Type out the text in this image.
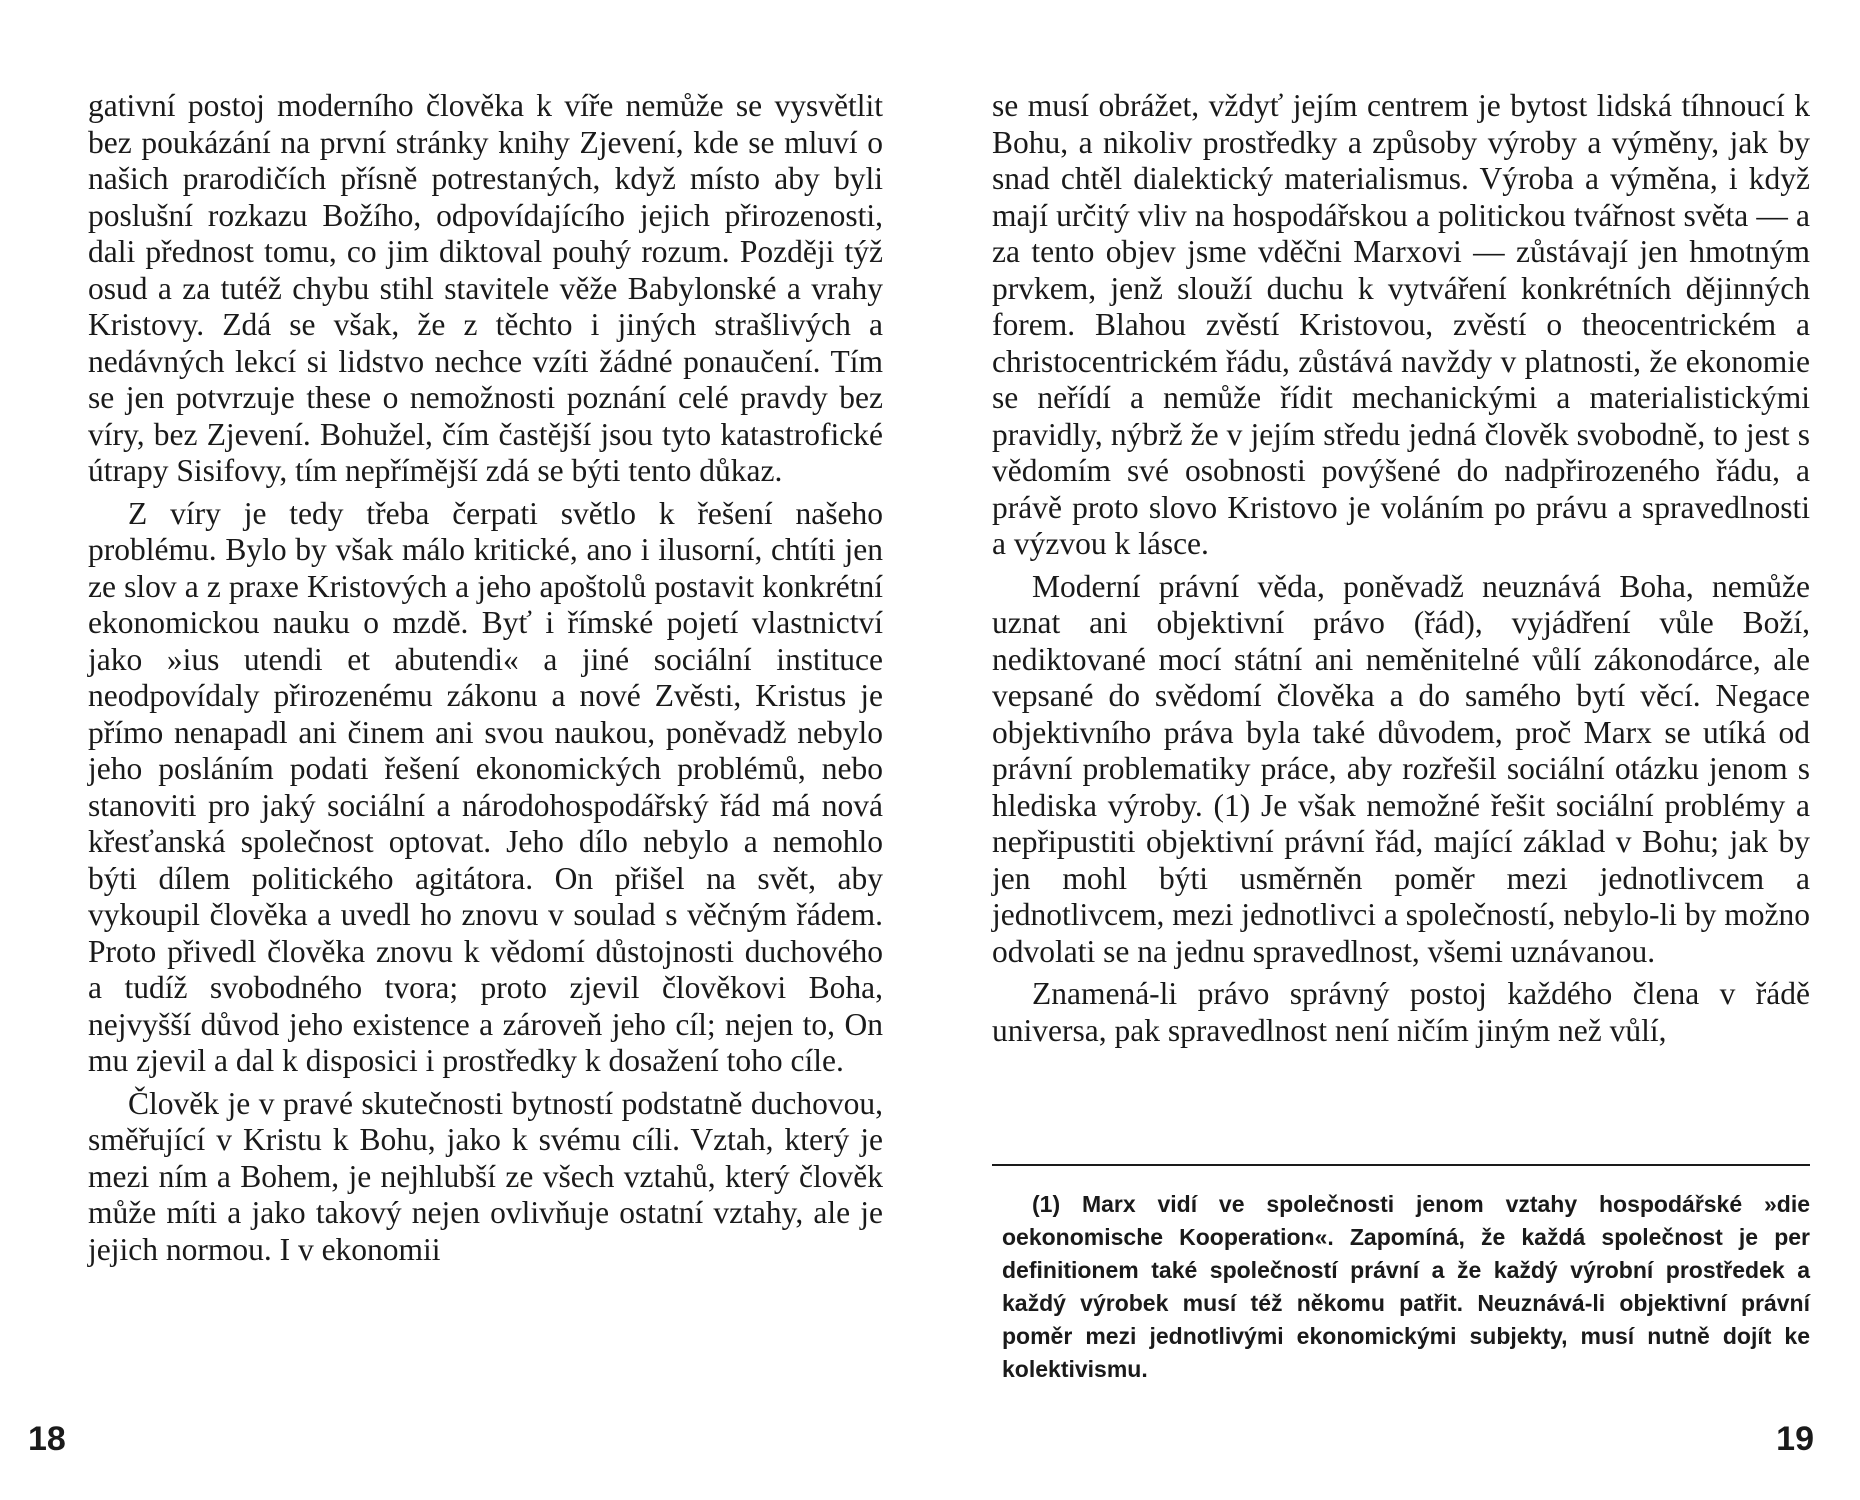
gativní postoj moderního člověka k víře nemůže se vysvětlit bez poukázání na první stránky knihy Zjevení, kde se mluví o našich prarodičích přísně potrestaných, když místo aby byli poslušní rozkazu Božího, odpovídajícího jejich přirozenosti, dali přednost tomu, co jim diktoval pouhý rozum. Později týž osud a za tutéž chybu stihl stavitele věže Babylonské a vrahy Kristovy. Zdá se však, že z těchto i jiných strašlivých a nedávných lekcí si lidstvo nechce vzíti žádné ponaučení. Tím se jen potvrzuje these o nemožnosti poznání celé pravdy bez víry, bez Zjevení. Bohužel, čím častější jsou tyto katastrofické útrapy Sisifovy, tím nepřímější zdá se býti tento důkaz.

Z víry je tedy třeba čerpati světlo k řešení našeho problému. Bylo by však málo kritické, ano i ilusorní, chtíti jen ze slov a z praxe Kristových a jeho apoštolů postavit konkrétní ekonomickou nauku o mzdě. Byť i římské pojetí vlastnictví jako »ius utendi et abutendi« a jiné sociální instituce neodpovídaly přirozenému zákonu a nové Zvěsti, Kristus je přímo nenapadl ani činem ani svou naukou, poněvadž nebylo jeho posláním podati řešení ekonomických problémů, nebo stanoviti pro jaký sociální a národohospodářský řád má nová křesťanská společnost optovat. Jeho dílo nebylo a nemohlo býti dílem politického agitátora. On přišel na svět, aby vykoupil člověka a uvedl ho znovu v soulad s věčným řádem. Proto přivedl člověka znovu k vědomí důstojnosti duchového a tudíž svobodného tvora; proto zjevil člověkovi Boha, nejvyšší důvod jeho existence a zároveň jeho cíl; nejen to, On mu zjevil a dal k disposici i prostředky k dosažení toho cíle.

Člověk je v pravé skutečnosti bytností podstatně duchovou, směřující v Kristu k Bohu, jako k svému cíli. Vztah, který je mezi ním a Bohem, je nejhlubší ze všech vztahů, který člověk může míti a jako takový nejen ovlivňuje ostatní vztahy, ale je jejich normou. I v ekonomii

18

se musí obrážet, vždyť jejím centrem je bytost lidská tíhnoucí k Bohu, a nikoliv prostředky a způsoby výroby a výměny, jak by snad chtěl dialektický materialismus. Výroba a výměna, i když mají určitý vliv na hospodářskou a politickou tvářnost světa — a za tento objev jsme vděčni Marxovi — zůstávají jen hmotným prvkem, jenž slouží duchu k vytváření konkrétních dějinných forem. Blahou zvěstí Kristovou, zvěstí o theocentrickém a christocentrickém řádu, zůstává navždy v platnosti, že ekonomie se neřídí a nemůže řídit mechanickými a materialistickými pravidly, nýbrž že v jejím středu jedná člověk svobodně, to jest s vědomím své osobnosti povýšené do nadpřirozeného řádu, a právě proto slovo Kristovo je voláním po právu a spravedlnosti a výzvou k lásce.

Moderní právní věda, poněvadž neuznává Boha, nemůže uznat ani objektivní právo (řád), vyjádření vůle Boží, nediktované mocí státní ani neměnitelné vůlí zákonodárce, ale vepsané do svědomí člověka a do samého bytí věcí. Negace objektivního práva byla také důvodem, proč Marx se utíká od právní problematiky práce, aby rozřešil sociální otázku jenom s hlediska výroby. (1) Je však nemožné řešit sociální problémy a nepřipustiti objektivní právní řád, mající základ v Bohu; jak by jen mohl býti usměrněn poměr mezi jednotlivcem a jednotlivcem, mezi jednotlivci a společností, nebylo-li by možno odvolati se na jednu spravedlnost, všemi uznávanou.

Znamená-li právo správný postoj každého člena v řádě universa, pak spravedlnost není ničím jiným než vůlí,

(1) Marx vidí ve společnosti jenom vztahy hospodářské »die oekonomische Kooperation«. Zapomíná, že každá společnost je per definitionem také společností právní a že každý výrobní prostředek a každý výrobek musí též někomu patřit. Neuznává-li objektivní právní poměr mezi jednotlivými ekonomickými subjekty, musí nutně dojít ke kolektivismu.

19
